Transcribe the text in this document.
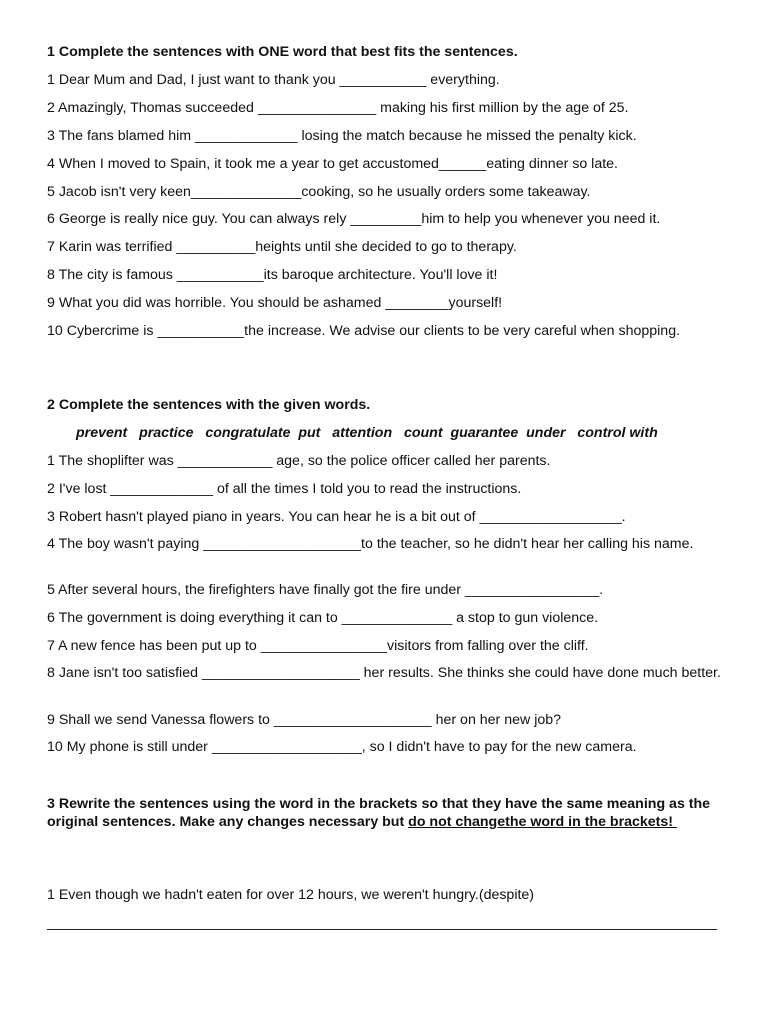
1 Complete the sentences with ONE word that best fits the sentences.
1 Dear Mum and Dad, I just want to thank you ___________ everything.
2 Amazingly, Thomas succeeded _______________ making his first million by the age of 25.
3 The fans blamed him _____________ losing the match because he missed the penalty kick.
4 When I moved to Spain, it took me a year to get accustomed______eating dinner so late.
5 Jacob isn't very keen______________cooking, so he usually orders some takeaway.
6 George is really nice guy. You can always rely _________him to help you whenever you need it.
7 Karin was terrified __________heights until she decided to go to therapy.
8 The city is famous ___________its baroque architecture. You'll love it!
9 What you did was horrible. You should be ashamed ________yourself!
10 Cybercrime is ___________the increase. We advise our clients to be very careful when shopping.
2 Complete the sentences with the given words.
prevent   practice   congratulate  put   attention   count  guarantee  under   control with
1 The shoplifter was ____________ age, so the police officer called her parents.
2 I've lost _____________ of all the times I told you to read the instructions.
3 Robert hasn't played piano in years. You can hear he is a bit out of __________________.
4 The boy wasn't paying ____________________to the teacher, so he didn't hear her calling his name.
5 After several hours, the firefighters have finally got the fire under _________________.
6 The government is doing everything it can to ______________ a stop to gun violence.
7 A new fence has been put up to ________________visitors from falling over the cliff.
8 Jane isn't too satisfied ____________________ her results. She thinks she could have done much better.
9 Shall we send Vanessa flowers to ____________________ her on her new job?
10 My phone is still under ___________________, so I didn't have to pay for the new camera.
3 Rewrite the sentences using the word in the brackets so that they have the same meaning as the original sentences. Make any changes necessary but do not changethe word in the brackets!
1 Even though we hadn't eaten for over 12 hours, we weren't hungry.(despite)
